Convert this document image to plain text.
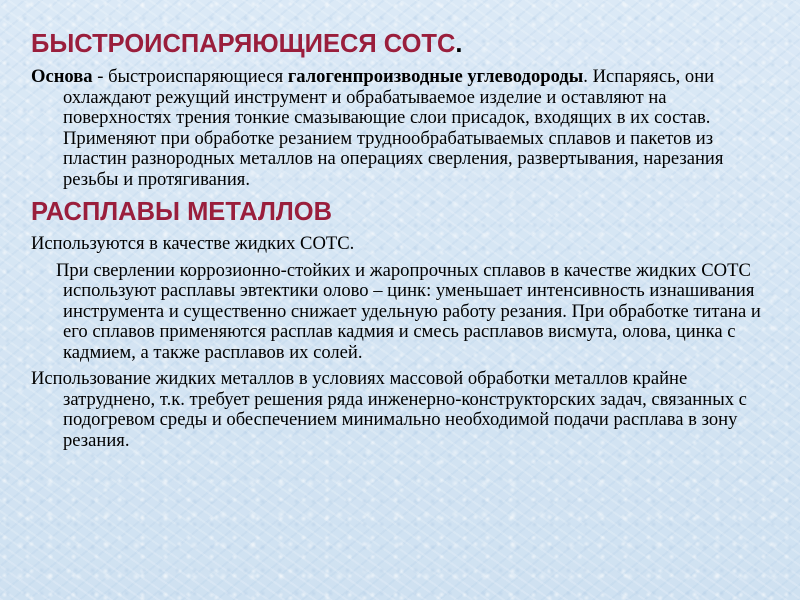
БЫСТРОИСПАРЯЮЩИЕСЯ СОТС.
Основа - быстроиспаряющиеся галогенпроизводные углеводороды. Испаряясь, они охлаждают режущий инструмент и обрабатываемое изделие и оставляют на поверхностях трения тонкие смазывающие слои присадок, входящих в их состав. Применяют при обработке резанием труднообрабатываемых сплавов и пакетов из пластин разнородных металлов на операциях сверления, развертывания, нарезания резьбы и протягивания.
РАСПЛАВЫ МЕТАЛЛОВ
Используются в качестве жидких СОТС.
При сверлении коррозионно-стойких и жаропрочных сплавов в качестве жидких СОТС используют расплавы эвтектики олово – цинк: уменьшает интенсивность изнашивания инструмента и существенно снижает удельную работу резания. При обработке титана и его сплавов применяются расплав кадмия и смесь расплавов висмута, олова, цинка с кадмием, а также расплавов их солей.
Использование жидких металлов в условиях массовой обработки металлов крайне затруднено, т.к. требует решения ряда инженерно-конструкторских задач, связанных с подогревом среды и обеспечением минимально необходимой подачи расплава в зону резания.
